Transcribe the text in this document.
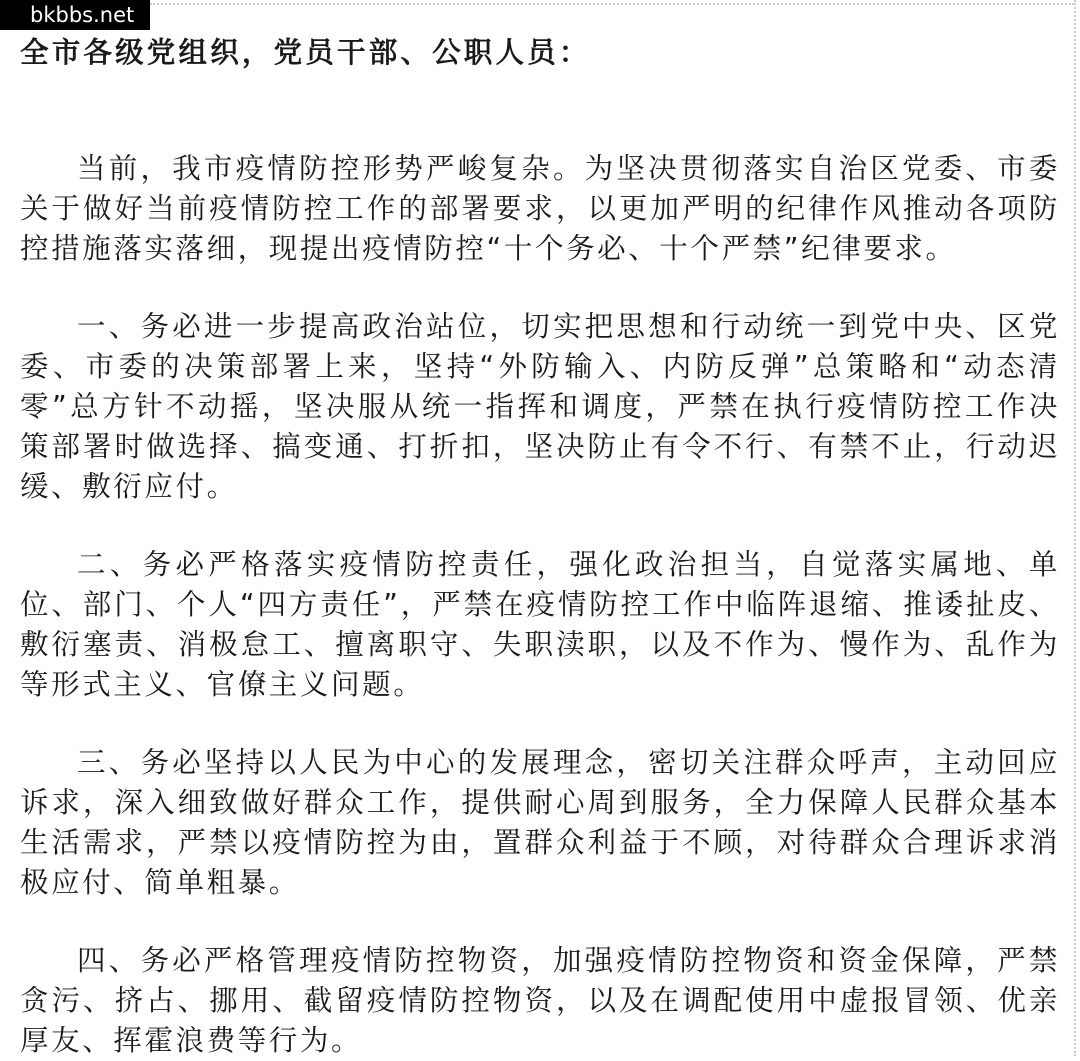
bkbbs.net

全市各级党组织，党员干部、公职人员：

当前，我市疫情防控形势严峻复杂。为坚决贯彻落实自治区党委、市委关于做好当前疫情防控工作的部署要求，以更加严明的纪律作风推动各项防控措施落实落细，现提出疫情防控“十个务必、十个严禁”纪律要求。

一、务必进一步提高政治站位，切实把思想和行动统一到党中央、区党委、市委的决策部署上来，坚持“外防输入、内防反弹”总策略和“动态清零”总方针不动摇，坚决服从统一指挥和调度，严禁在执行疫情防控工作决策部署时做选择、搞变通、打折扣，坚决防止有令不行、有禁不止，行动迟缓、敷衍应付。

二、务必严格落实疫情防控责任，强化政治担当，自觉落实属地、单位、部门、个人“四方责任”，严禁在疫情防控工作中临阵退缩、推诿扯皮、敷衍塞责、消极怠工、擅离职守、失职渎职，以及不作为、慢作为、乱作为等形式主义、官僚主义问题。

三、务必坚持以人民为中心的发展理念，密切关注群众呼声，主动回应诉求，深入细致做好群众工作，提供耐心周到服务，全力保障人民群众基本生活需求，严禁以疫情防控为由，置群众利益于不顾，对待群众合理诉求消极应付、简单粗暴。

四、务必严格管理疫情防控物资，加强疫情防控物资和资金保障，严禁贪污、挤占、挪用、截留疫情防控物资，以及在调配使用中虚报冒领、优亲厚友、挥霍浪费等行为。
